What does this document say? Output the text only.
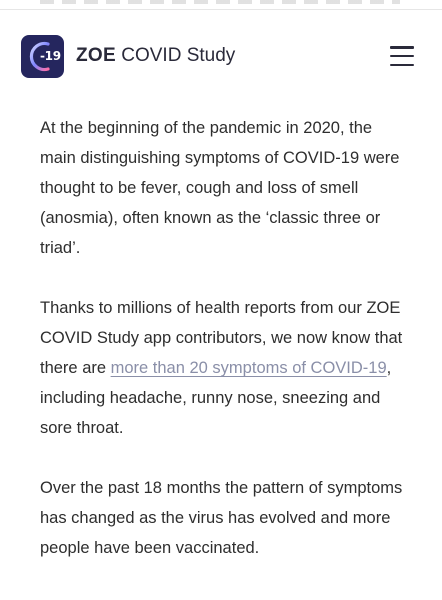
-19 ZOE COVID Study

At the beginning of the pandemic in 2020, the main distinguishing symptoms of COVID-19 were thought to be fever, cough and loss of smell (anosmia), often known as the ‘classic three or triad’.

Thanks to millions of health reports from our ZOE COVID Study app contributors, we now know that there are more than 20 symptoms of COVID-19, including headache, runny nose, sneezing and sore throat.

Over the past 18 months the pattern of symptoms has changed as the virus has evolved and more people have been vaccinated.
